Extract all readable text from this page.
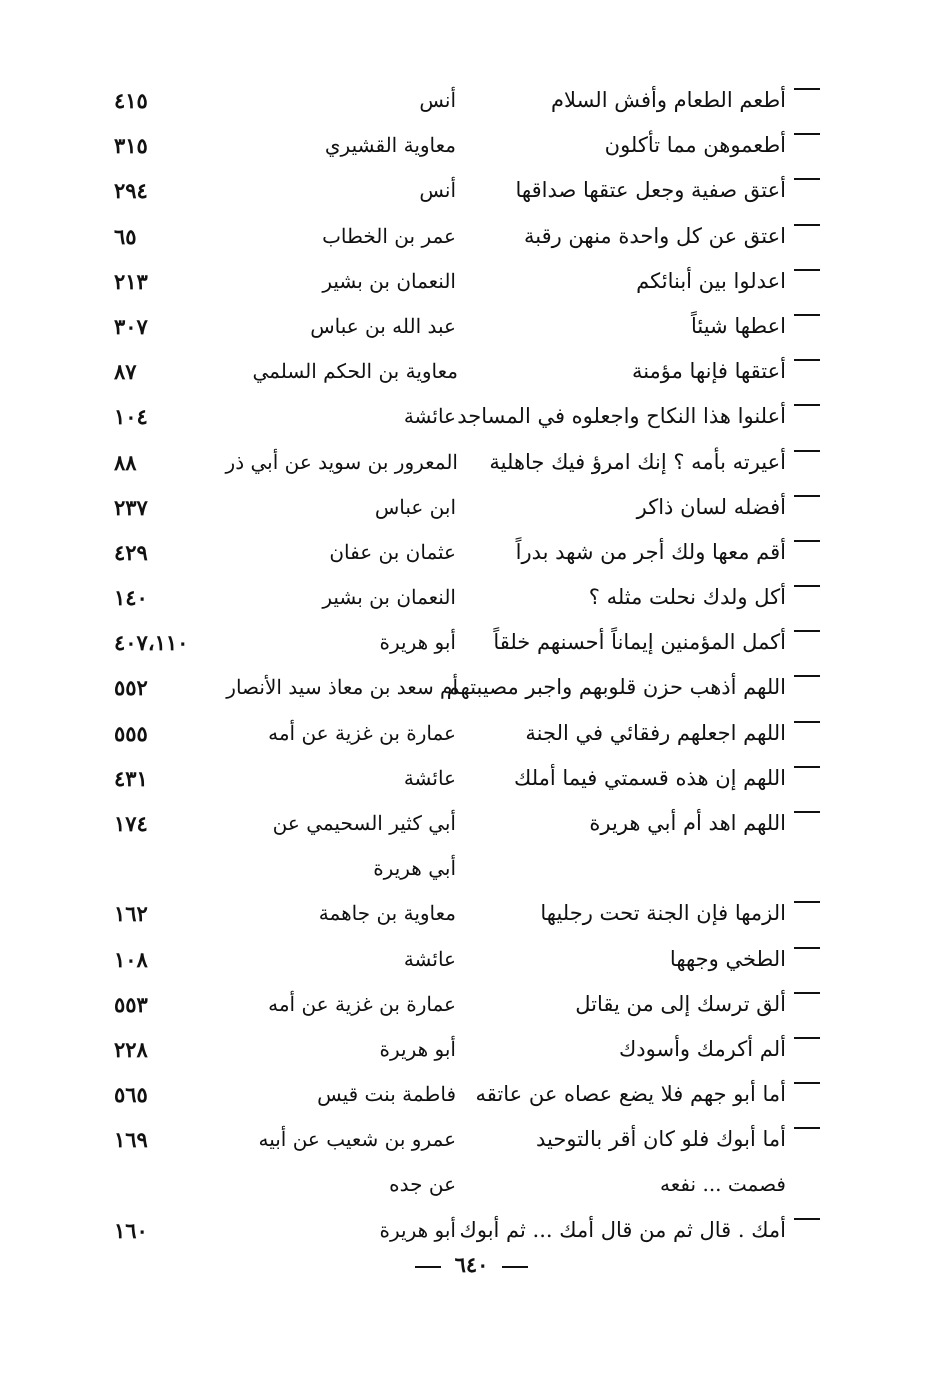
أطعم الطعام وأفش السلام
أنس
٤١٥
أطعموهن مما تأكلون
معاوية القشيري
٣١٥
أعتق صفية وجعل عتقها صداقها
أنس
٢٩٤
اعتق عن كل واحدة منهن رقبة
عمر بن الخطاب
٦٥
اعدلوا بين أبنائكم
النعمان بن بشير
٢١٣
اعطها شيئاً
عبد الله بن عباس
٣٠٧
أعتقها فإنها مؤمنة
معاوية بن الحكم السلمي
٨٧
أعلنوا هذا النكاح واجعلوه في المساجد
عائشة
١٠٤
أعيرته بأمه ؟ إنك امرؤ فيك جاهلية
المعرور بن سويد عن أبي ذر
٨٨
أفضله لسان ذاكر
ابن عباس
٢٣٧
أقم معها ولك أجر من شهد بدراً
عثمان بن عفان
٤٢٩
أكل ولدك نحلت مثله ؟
النعمان بن بشير
١٤٠
أكمل المؤمنين إيماناً أحسنهم خلقاً
أبو هريرة
٤٠٧،١١٠
اللهم أذهب حزن قلوبهم واجبر مصيبتهم
أم سعد بن معاذ سيد الأنصار
٥٥٢
اللهم اجعلهم رفقائي في الجنة
عمارة بن غزية عن أمه
٥٥٥
اللهم إن هذه قسمتي فيما أملك
عائشة
٤٣١
اللهم اهد أم أبي هريرة
أبي كثير السحيمي عن
أبي هريرة
١٧٤
الزمها فإن الجنة تحت رجليها
معاوية بن جاهمة
١٦٢
الطخي وجهها
عائشة
١٠٨
ألق ترسك إلى من يقاتل
عمارة بن غزية عن أمه
٥٥٣
ألم أكرمك وأسودك
أبو هريرة
٢٢٨
أما أبو جهم فلا يضع عصاه عن عاتقه
فاطمة بنت قيس
٥٦٥
أما أبوك فلو كان أقر بالتوحيد
فصمت ... نفعه
عمرو بن شعيب عن أبيه
عن جده
١٦٩
أمك . قال ثم من قال أمك ... ثم أبوك
أبو هريرة
١٦٠
٦٤٠
